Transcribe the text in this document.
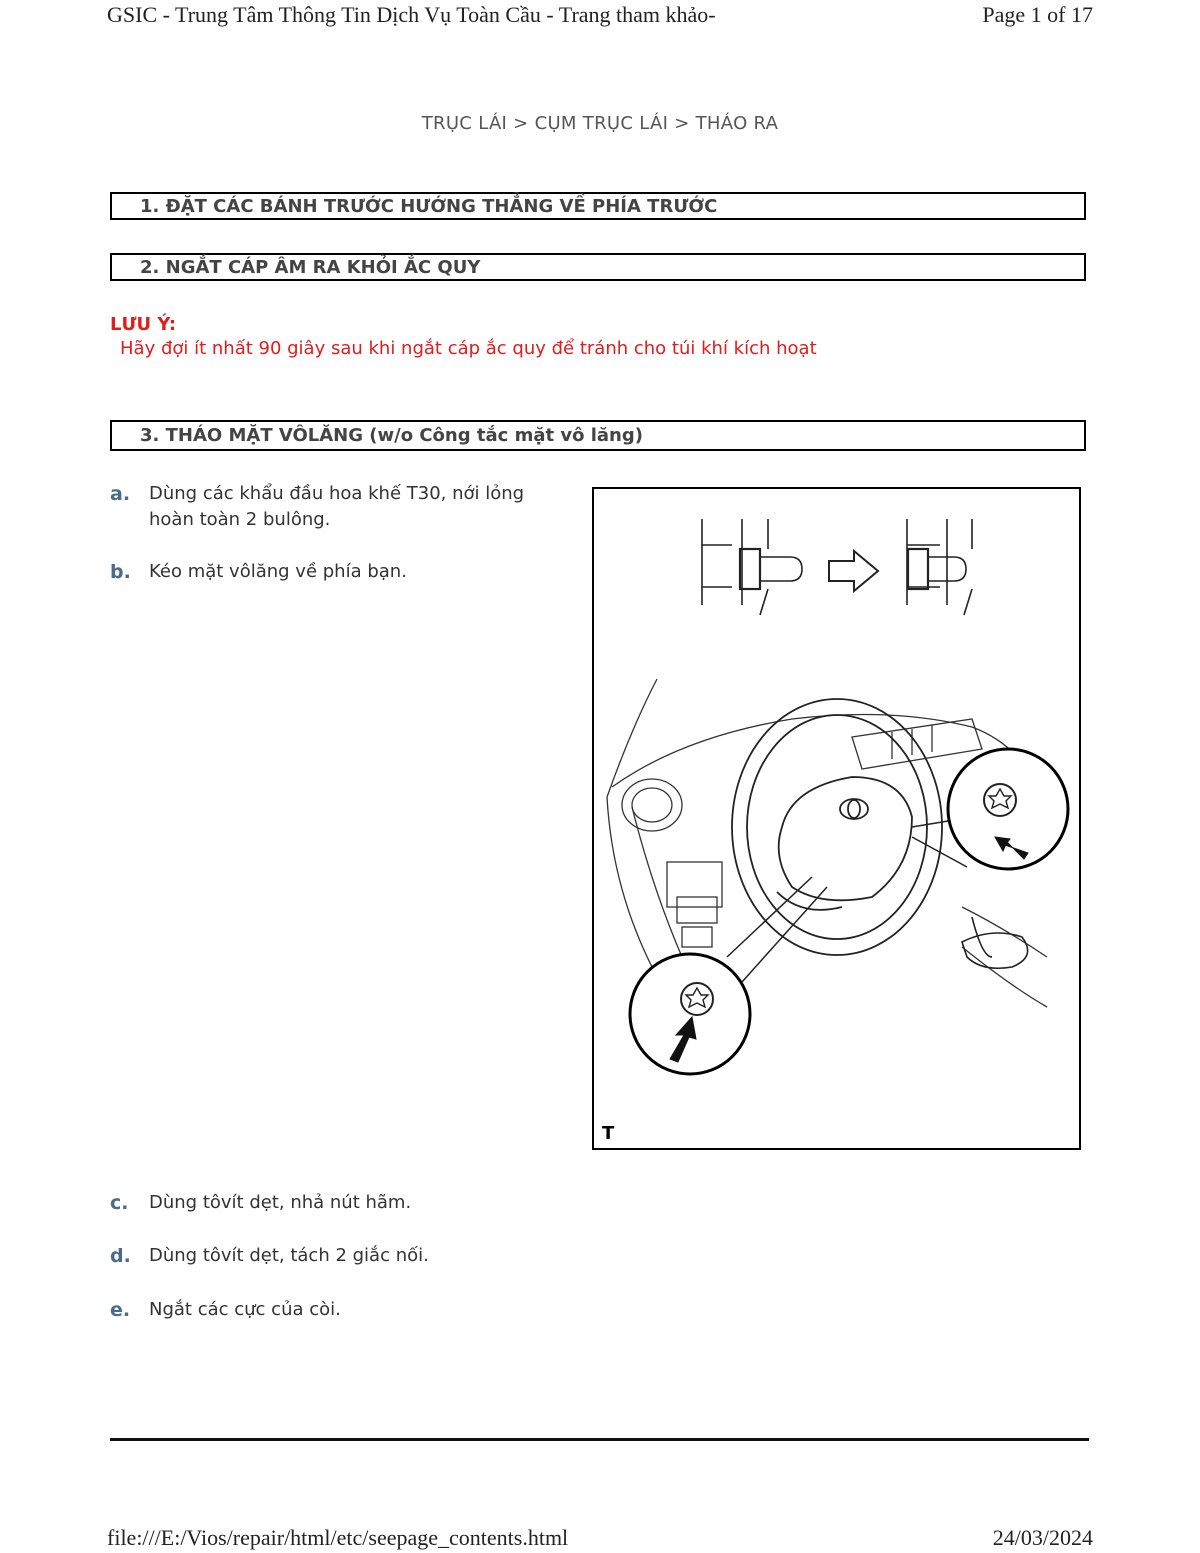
GSIC - Trung Tâm Thông Tin Dịch Vụ Toàn Cầu - Trang tham khảo-	Page 1 of 17
TRỤC LÁI > CỤM TRỤC LÁI > THÁO RA
1. ĐẶT CÁC BÁNH TRƯỚC HƯỚNG THẲNG VỀ PHÍA TRƯỚC
2. NGẮT CÁP ÂM RA KHỎI ẮC QUY
LƯU Ý:
Hãy đợi ít nhất 90 giây sau khi ngắt cáp ắc quy để tránh cho túi khí kích hoạt
3. THÁO MẶT VÔLĂNG (w/o Công tắc mặt vô lăng)
a.	Dùng các khẩu đầu hoa khế T30, nới lỏng hoàn toàn 2 bulông.
b.	Kéo mặt vôlăng về phía bạn.
T
c.	Dùng tôvít dẹt, nhả nút hãm.
d.	Dùng tôvít dẹt, tách 2 giắc nối.
e.	Ngắt các cực của còi.
file:///E:/Vios/repair/html/etc/seepage_contents.html	24/03/2024
